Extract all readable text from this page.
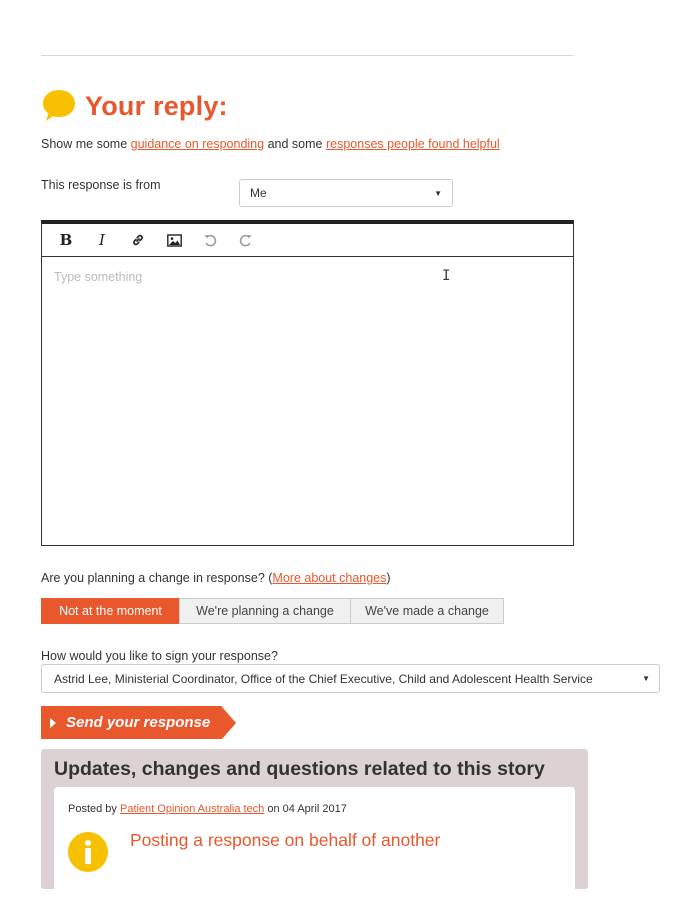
Your reply:
Show me some guidance on responding and some responses people found helpful
This response is from
Me	▼
B I
Type something	I
Are you planning a change in response? (More about changes)
Not at the moment	We're planning a change	We've made a change
How would you like to sign your response?
Astrid Lee, Ministerial Coordinator, Office of the Chief Executive, Child and Adolescent Health Service	▼
Send your response
Updates, changes and questions related to this story
Posted by Patient Opinion Australia tech on 04 April 2017
Posting a response on behalf of another
